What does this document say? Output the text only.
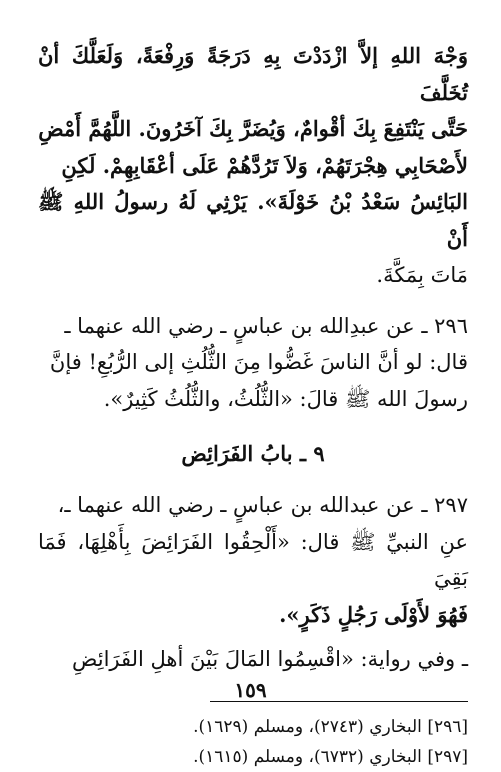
وَجْهَ اللهِ إلاَّ ازْدَدْتَ بِهِ دَرَجَةً وَرِفْعَةً، وَلَعَلَّكَ أنْ تُخَلَّفَ

حَتَّى يَنْتَفِعَ بِكَ أقْوامٌ، وَيُضَرَّ بِكَ آخَرُونَ. اللَّهُمَّ أَمْضِ

لأَصْحَابِي هِجْرَتَهُمْ، وَلاَ تَرُدَّهُمْ عَلَى أعْقَابِهِمْ. لَكِنِ

البَائِسُ سَعْدُ بْنُ خَوْلَةَ». يَرْثِي لَهُ رسولُ اللهِ ﷺ أَنْ

مَاتَ بِمَكَّةَ.

٢٩٦ ـ عن عبدِالله بن عباسٍ ـ رضي الله عنهما ـ

قال: لو أنَّ الناسَ غَضُّوا مِنَ الثُّلُثِ إلى الرُّبُعِ! فإنَّ

رسولَ الله ﷺ قالَ: «الثُّلُثُ، والثُّلُثُ كَثِيرٌ».

٩ ـ بابُ الفَرَائِض

٢٩٧ ـ عن عبدالله بن عباسٍ ـ رضي الله عنهما ـ،

عنِ النبيِّ ﷺ قال: «أَلْحِقُوا الفَرَائِضَ بِأَهْلِهَا، فَمَا بَقِيَ

فَهُوَ لأَوْلَى رَجُلٍ ذَكَرٍ».

ـ وفي رواية: «اقْسِمُوا المَالَ بَيْنَ أهلِ الفَرَائِضِ

[٢٩٦] البخاري (٢٧٤٣)، ومسلم (١٦٢٩).
[٢٩٧] البخاري (٦٧٣٢)، ومسلم (١٦١٥).
١٥٩
